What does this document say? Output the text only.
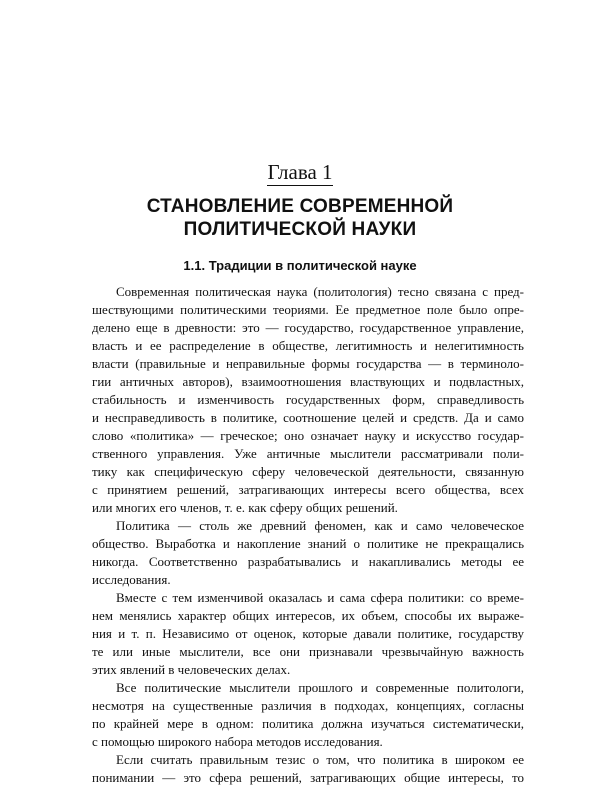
Глава 1
СТАНОВЛЕНИЕ СОВРЕМЕННОЙ
ПОЛИТИЧЕСКОЙ НАУКИ
1.1. Традиции в политической науке
Современная политическая наука (политология) тесно связана с пред-
шествующими политическими теориями. Ее предметное поле было опре-
делено еще в древности: это — государство, государственное управление,
власть и ее распределение в обществе, легитимность и нелегитимность
власти (правильные и неправильные формы государства — в терминоло-
гии античных авторов), взаимоотношения властвующих и подвластных,
стабильность и изменчивость государственных форм, справедливость
и несправедливость в политике, соотношение целей и средств. Да и само
слово «политика» — греческое; оно означает науку и искусство государ-
ственного управления. Уже античные мыслители рассматривали поли-
тику как специфическую сферу человеческой деятельности, связанную
с принятием решений, затрагивающих интересы всего общества, всех
или многих его членов, т. е. как сферу общих решений.
Политика — столь же древний феномен, как и само человеческое
общество. Выработка и накопление знаний о политике не прекращались
никогда. Соответственно разрабатывались и накапливались методы ее
исследования.
Вместе с тем изменчивой оказалась и сама сфера политики: со време-
нем менялись характер общих интересов, их объем, способы их выраже-
ния и т. п. Независимо от оценок, которые давали политике, государству
те или иные мыслители, все они признавали чрезвычайную важность
этих явлений в человеческих делах.
Все политические мыслители прошлого и современные политологи,
несмотря на существенные различия в подходах, концепциях, согласны
по крайней мере в одном: политика должна изучаться систематически,
с помощью широкого набора методов исследования.
Если считать правильным тезис о том, что политика в широком ее
понимании — это сфера решений, затрагивающих общие интересы, то
